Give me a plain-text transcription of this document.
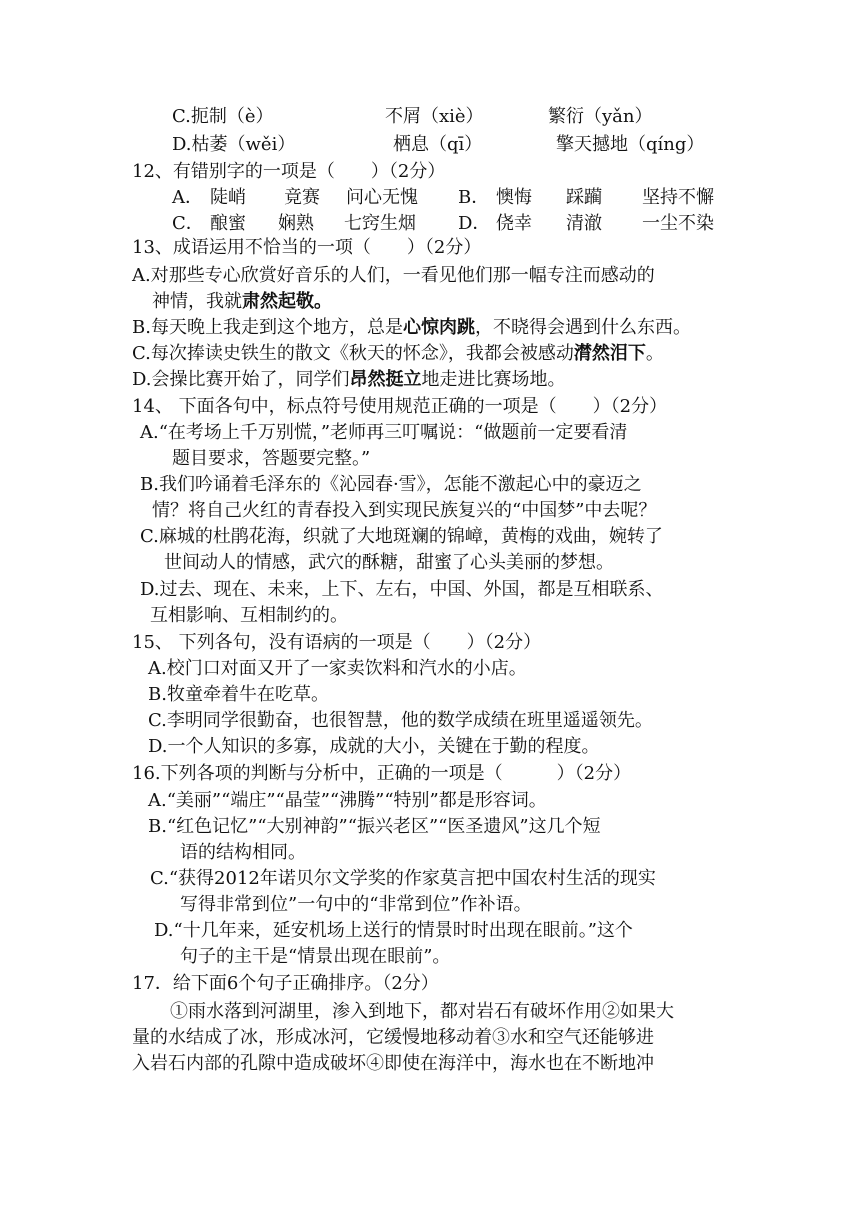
C.扼制（è）	不屑（xiè）	繁衍（yǎn）
D.枯萎（wěi）	栖息（qī）	擎天撼地（qíng）
12、有错别字的一项是（　　）（2分）
A． 陡峭 竟赛 问心无愧 B． 懊悔 踩躏 坚持不懈
C． 酿蜜 娴熟 七窍生烟 D． 侥幸 清澈 一尘不染
13、成语运用不恰当的一项（　　）（2分）
A.对那些专心欣赏好音乐的人们，一看见他们那一幅专注而感动的
神情，我就肃然起敬。
B.每天晚上我走到这个地方，总是心惊肉跳，不晓得会遇到什么东西。
C.每次捧读史铁生的散文《秋天的怀念》，我都会被感动潸然泪下。
D.会操比赛开始了，同学们昂然挺立地走进比赛场地。
14、 下面各句中，标点符号使用规范正确的一项是（　　）（2分）
A.“在考场上千万别慌，”老师再三叮嘱说：“做题前一定要看清
题目要求，答题要完整。”
B.我们吟诵着毛泽东的《沁园春·雪》，怎能不激起心中的豪迈之
情？将自己火红的青春投入到实现民族复兴的“中国梦”中去呢？
C.麻城的杜鹃花海，织就了大地斑斓的锦嶂，黄梅的戏曲，婉转了
世间动人的情感，武穴的酥糖，甜蜜了心头美丽的梦想。
D.过去、现在、未来，上下、左右，中国、外国，都是互相联系、
互相影响、互相制约的。
15、 下列各句，没有语病的一项是（　　）（2分）
A.校门口对面又开了一家卖饮料和汽水的小店。
B.牧童牵着牛在吃草。
C.李明同学很勤奋，也很智慧，他的数学成绩在班里遥遥领先。
D.一个人知识的多寡，成就的大小，关键在于勤的程度。
16.下列各项的判断与分析中，正确的一项是（　　　）（2分）
A.“美丽”“端庄”“晶莹”“沸腾”“特别”都是形容词。
B.“红色记忆”“大别神韵”“振兴老区”“医圣遗风”这几个短
语的结构相同。
C.“获得2012年诺贝尔文学奖的作家莫言把中国农村生活的现实
写得非常到位”一句中的“非常到位”作补语。
D.“十几年来，延安机场上送行的情景时时出现在眼前。”这个
句子的主干是“情景出现在眼前”。
17．给下面6个句子正确排序。（2分）
①雨水落到河湖里，渗入到地下，都对岩石有破坏作用②如果大
量的水结成了冰，形成冰河，它缓慢地移动着③水和空气还能够进
入岩石内部的孔隙中造成破坏④即使在海洋中，海水也在不断地冲
